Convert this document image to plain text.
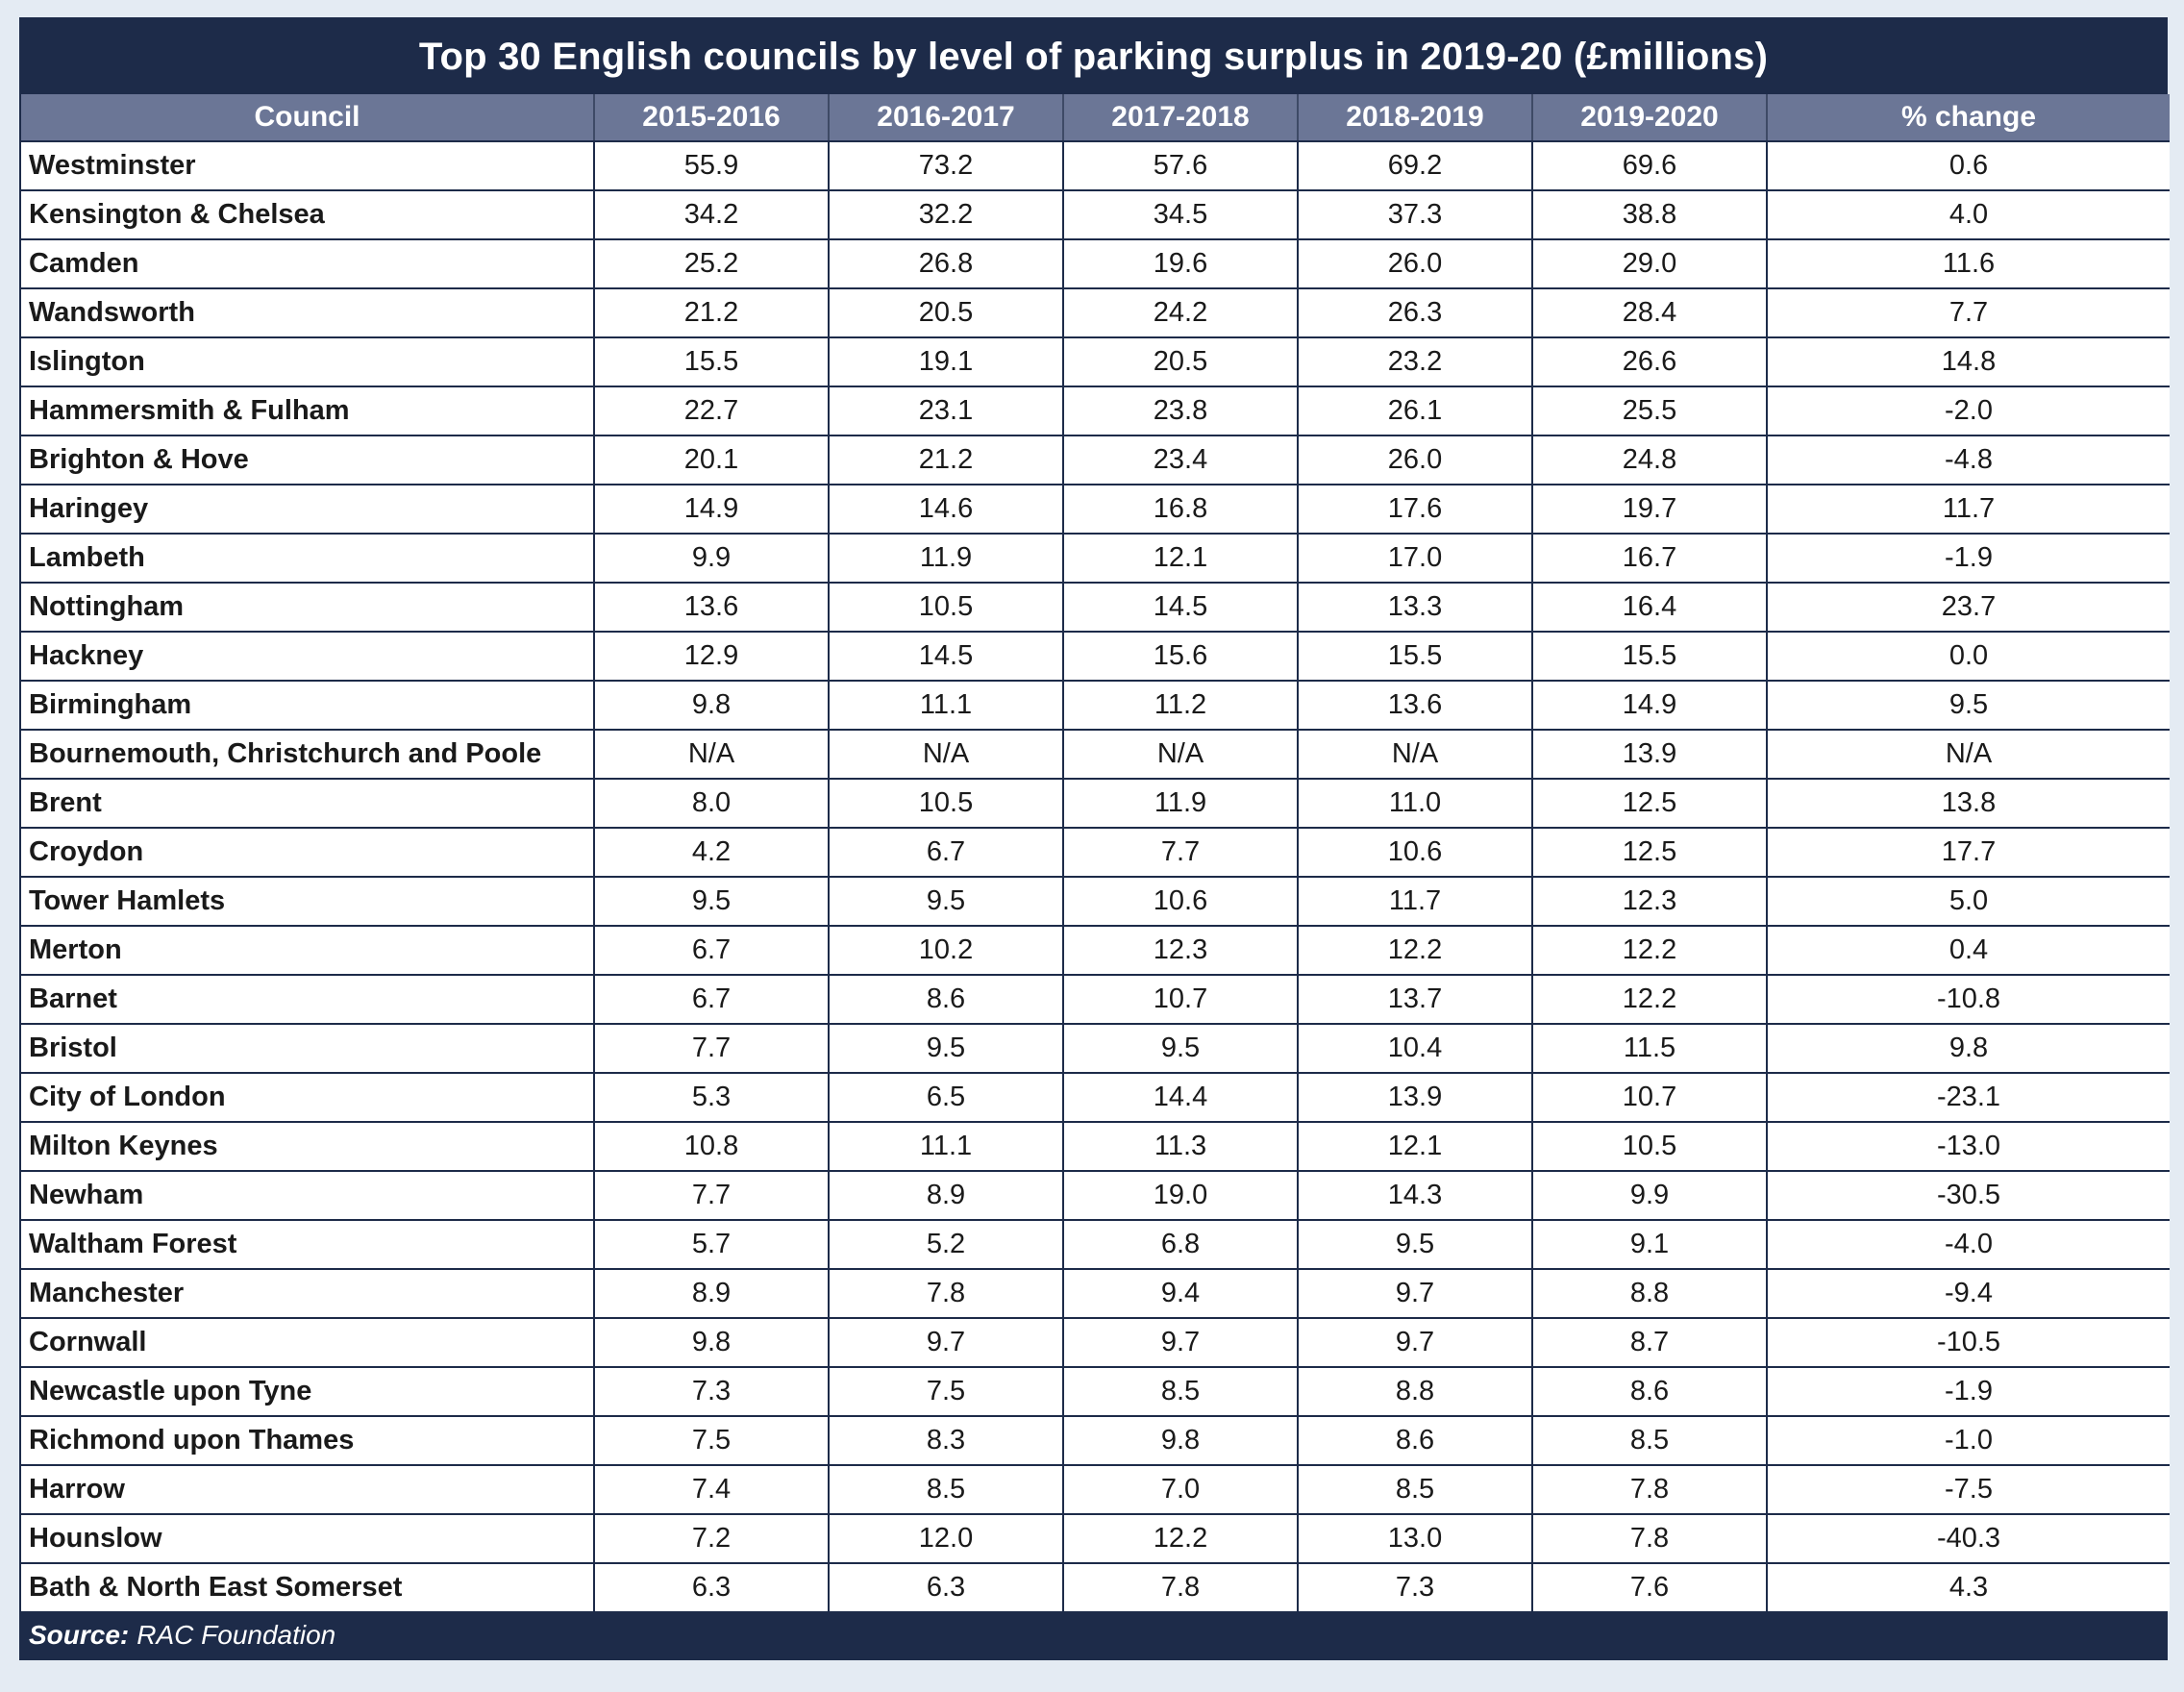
Top 30 English councils by level of parking surplus in 2019-20 (£millions)
Council	2015-2016	2016-2017	2017-2018	2018-2019	2019-2020	% change
Westminster	55.9	73.2	57.6	69.2	69.6	0.6
Kensington & Chelsea	34.2	32.2	34.5	37.3	38.8	4.0
Camden	25.2	26.8	19.6	26.0	29.0	11.6
Wandsworth	21.2	20.5	24.2	26.3	28.4	7.7
Islington	15.5	19.1	20.5	23.2	26.6	14.8
Hammersmith & Fulham	22.7	23.1	23.8	26.1	25.5	-2.0
Brighton & Hove	20.1	21.2	23.4	26.0	24.8	-4.8
Haringey	14.9	14.6	16.8	17.6	19.7	11.7
Lambeth	9.9	11.9	12.1	17.0	16.7	-1.9
Nottingham	13.6	10.5	14.5	13.3	16.4	23.7
Hackney	12.9	14.5	15.6	15.5	15.5	0.0
Birmingham	9.8	11.1	11.2	13.6	14.9	9.5
Bournemouth, Christchurch and Poole	N/A	N/A	N/A	N/A	13.9	N/A
Brent	8.0	10.5	11.9	11.0	12.5	13.8
Croydon	4.2	6.7	7.7	10.6	12.5	17.7
Tower Hamlets	9.5	9.5	10.6	11.7	12.3	5.0
Merton	6.7	10.2	12.3	12.2	12.2	0.4
Barnet	6.7	8.6	10.7	13.7	12.2	-10.8
Bristol	7.7	9.5	9.5	10.4	11.5	9.8
City of London	5.3	6.5	14.4	13.9	10.7	-23.1
Milton Keynes	10.8	11.1	11.3	12.1	10.5	-13.0
Newham	7.7	8.9	19.0	14.3	9.9	-30.5
Waltham Forest	5.7	5.2	6.8	9.5	9.1	-4.0
Manchester	8.9	7.8	9.4	9.7	8.8	-9.4
Cornwall	9.8	9.7	9.7	9.7	8.7	-10.5
Newcastle upon Tyne	7.3	7.5	8.5	8.8	8.6	-1.9
Richmond upon Thames	7.5	8.3	9.8	8.6	8.5	-1.0
Harrow	7.4	8.5	7.0	8.5	7.8	-7.5
Hounslow	7.2	12.0	12.2	13.0	7.8	-40.3
Bath & North East Somerset	6.3	6.3	7.8	7.3	7.6	4.3
Source: RAC Foundation
